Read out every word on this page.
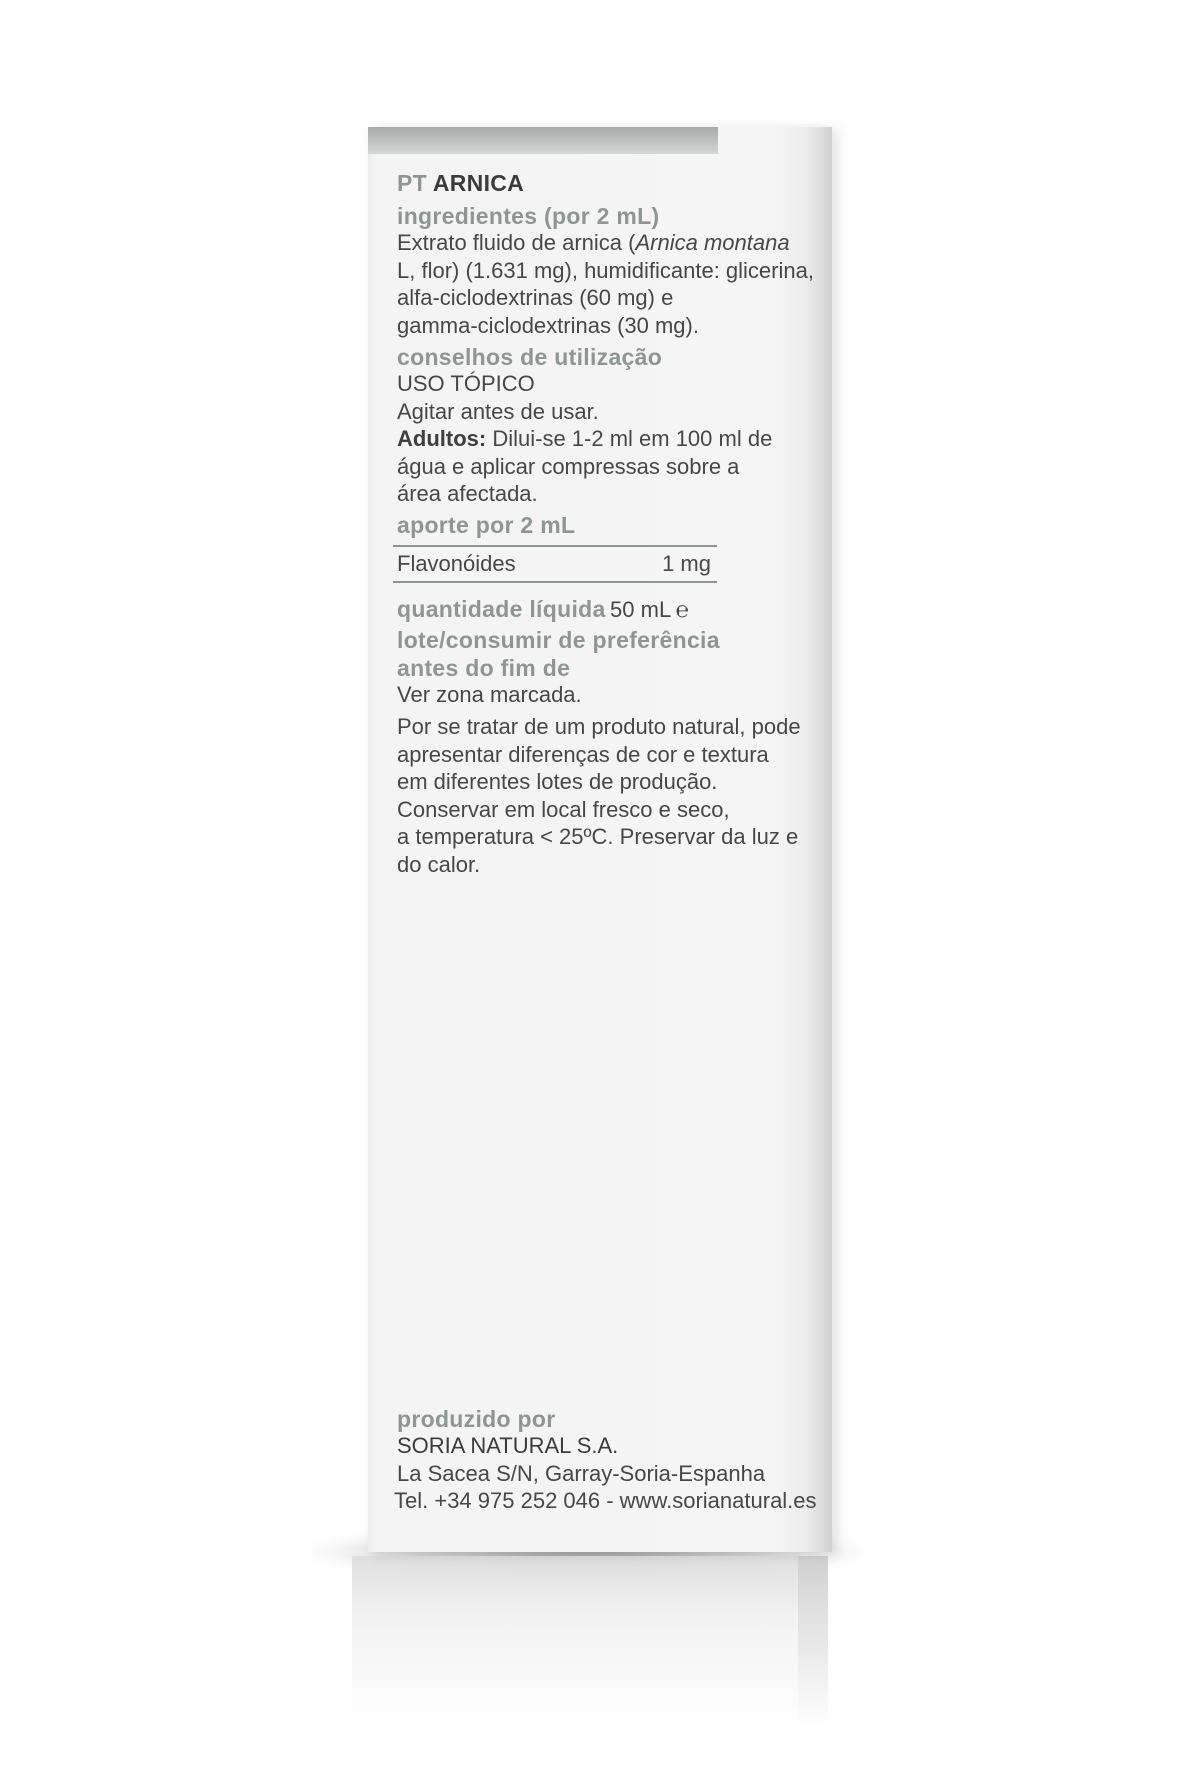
PT ARNICA
ingredientes (por 2 mL)
Extrato fluido de arnica (Arnica montana
L, flor) (1.631 mg), humidificante: glicerina,
alfa-ciclodextrinas (60 mg) e
gamma-ciclodextrinas (30 mg).
conselhos de utilização
USO TÓPICO
Agitar antes de usar.
Adultos: Dilui-se 1-2 ml em 100 ml de
água e aplicar compressas sobre a
área afectada.
aporte por 2 mL
Flavonóides	1 mg
quantidade líquida 50 mL ℮
lote/consumir de preferência
antes do fim de
Ver zona marcada.
Por se tratar de um produto natural, pode
apresentar diferenças de cor e textura
em diferentes lotes de produção.
Conservar em local fresco e seco,
a temperatura < 25ºC. Preservar da luz e
do calor.
produzido por
SORIA NATURAL S.A.
La Sacea S/N, Garray-Soria-Espanha
Tel. +34 975 252 046 - www.sorianatural.es
